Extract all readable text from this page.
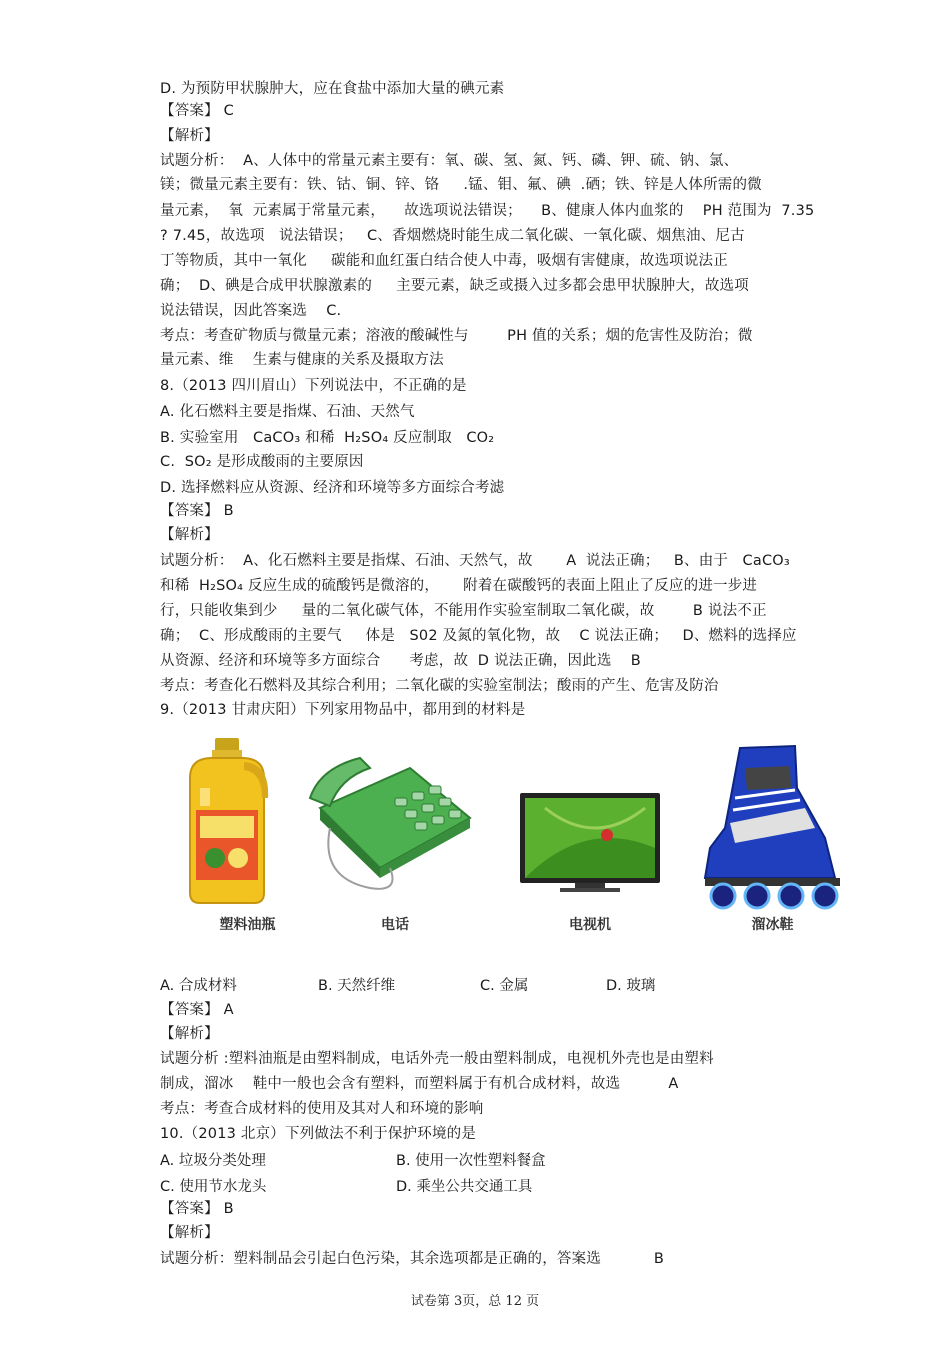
D. 为预防甲状腺肿大，应在食盐中添加大量的碘元素
【答案】 C
【解析】
试题分析：  A、人体中的常量元素主要有：氧、碳、氢、氮、钙、磷、钾、硫、钠、氯、
镁；微量元素主要有：铁、钴、铜、锌、铬     .锰、钼、氟、碘  .硒；铁、锌是人体所需的微
量元素，  氧  元素属于常量元素，    故选项说法错误；    B、健康人体内血浆的    PH 范围为  7.35
? 7.45，故选项   说法错误；   C、香烟燃烧时能生成二氧化碳、一氧化碳、烟焦油、尼古
丁等物质，其中一氧化     碳能和血红蛋白结合使人中毒，吸烟有害健康，故选项说法正
确；  D、碘是合成甲状腺激素的     主要元素，缺乏或摄入过多都会患甲状腺肿大，故选项
说法错误，因此答案选    C.
考点：考查矿物质与微量元素；溶液的酸碱性与        PH 值的关系；烟的危害性及防治；微
量元素、维    生素与健康的关系及摄取方法
8.（2013 四川眉山）下列说法中，不正确的是
A. 化石燃料主要是指煤、石油、天然气
B. 实验室用   CaCO₃ 和稀  H₂SO₄ 反应制取   CO₂
C.  SO₂ 是形成酸雨的主要原因
D. 选择燃料应从资源、经济和环境等多方面综合考滤
【答案】 B
【解析】
试题分析：  A、化石燃料主要是指煤、石油、天然气，故       A  说法正确；   B、由于   CaCO₃
和稀  H₂SO₄ 反应生成的硫酸钙是微溶的，     附着在碳酸钙的表面上阻止了反应的进一步进
行，只能收集到少     量的二氧化碳气体，不能用作实验室制取二氧化碳，故        B 说法不正
确；  C、形成酸雨的主要气     体是   S02 及氮的氧化物，故    C 说法正确；   D、燃料的选择应
从资源、经济和环境等多方面综合      考虑，故  D 说法正确，因此选    B
考点：考查化石燃料及其综合利用；二氧化碳的实验室制法；酸雨的产生、危害及防治
9.（2013 甘肃庆阳）下列家用物品中，都用到的材料是
塑料油瓶	电话	电视机	溜冰鞋
A. 合成材料	B. 天然纤维	C. 金属	D. 玻璃
【答案】 A
【解析】
试题分析 :塑料油瓶是由塑料制成，电话外壳一般由塑料制成，电视机外壳也是由塑料
制成，溜冰    鞋中一般也会含有塑料，而塑料属于有机合成材料，故选          A
考点：考查合成材料的使用及其对人和环境的影响
10.（2013 北京）下列做法不利于保护环境的是
A. 垃圾分类处理	B. 使用一次性塑料餐盒
C. 使用节水龙头	D. 乘坐公共交通工具
【答案】 B
【解析】
试题分析：塑料制品会引起白色污染，其余选项都是正确的，答案选           B
试卷第 3页，总 12 页
